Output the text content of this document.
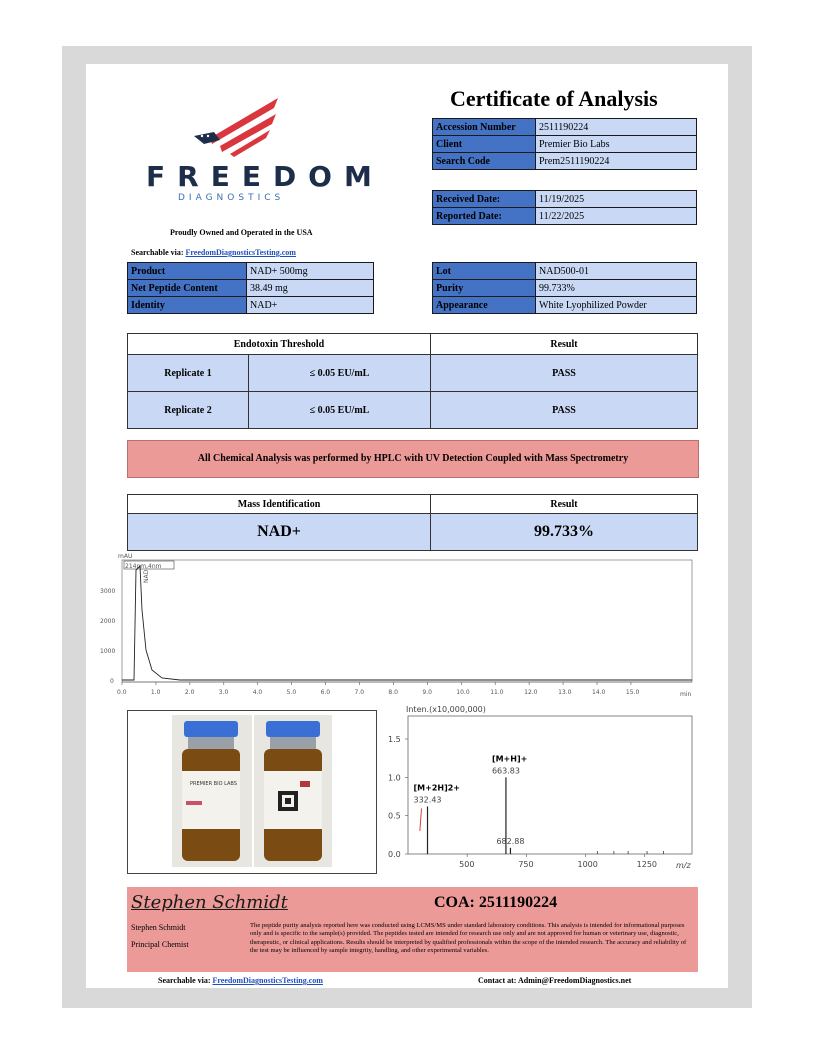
FREEDOM
DIAGNOSTICS
Proudly Owned and Operated in the USA
Searchable via: FreedomDiagnosticsTesting.com
Certificate of Analysis
Accession Number	2511190224
Client	Premier Bio Labs
Search Code	Prem2511190224
Received Date:	11/19/2025
Reported Date:	11/22/2025
Product	NAD+ 500mg
Net Peptide Content	38.49 mg
Identity	NAD+
Lot	NAD500-01
Purity	99.733%
Appearance	White Lyophilized Powder
Endotoxin Threshold		Result
Replicate 1	≤ 0.05 EU/mL	PASS
Replicate 2	≤ 0.05 EU/mL	PASS
All Chemical Analysis was performed by HPLC with UV Detection Coupled with Mass Spectrometry
Mass Identification	Result
NAD+	99.733%
mAU
214nm,4nm
NAD
3000
2000
1000
0
0.0	1.0	2.0	3.0	4.0	5.0	6.0	7.0	8.0	9.0	10.0	11.0	12.0	13.0	14.0	15.0	min
PREMIER BIO LABS
Inten.(x10,000,000)
1.5
1.0
0.5
0.0
500	750	1000	1250 m/z
332.43
[M+2H]2+
663.83
[M+H]+
682.88
Stephen Schmidt	COA: 2511190224
Stephen Schmidt
Principal Chemist
The peptide purity analysis reported here was conducted using LCMS/MS under standard laboratory conditions. This analysis is intended for informational purposes only and is specific to the sample(s) provided. The peptides tested are intended for research use only and are not approved for human or veterinary use, diagnostic, therapeutic, or clinical applications. Results should be interpreted by qualified professionals within the scope of the intended research. The accuracy and reliability of the test may be influenced by sample integrity, handling, and other experimental variables.
Searchable via: FreedomDiagnosticsTesting.com	Contact at: Admin@FreedomDiagnostics.net
